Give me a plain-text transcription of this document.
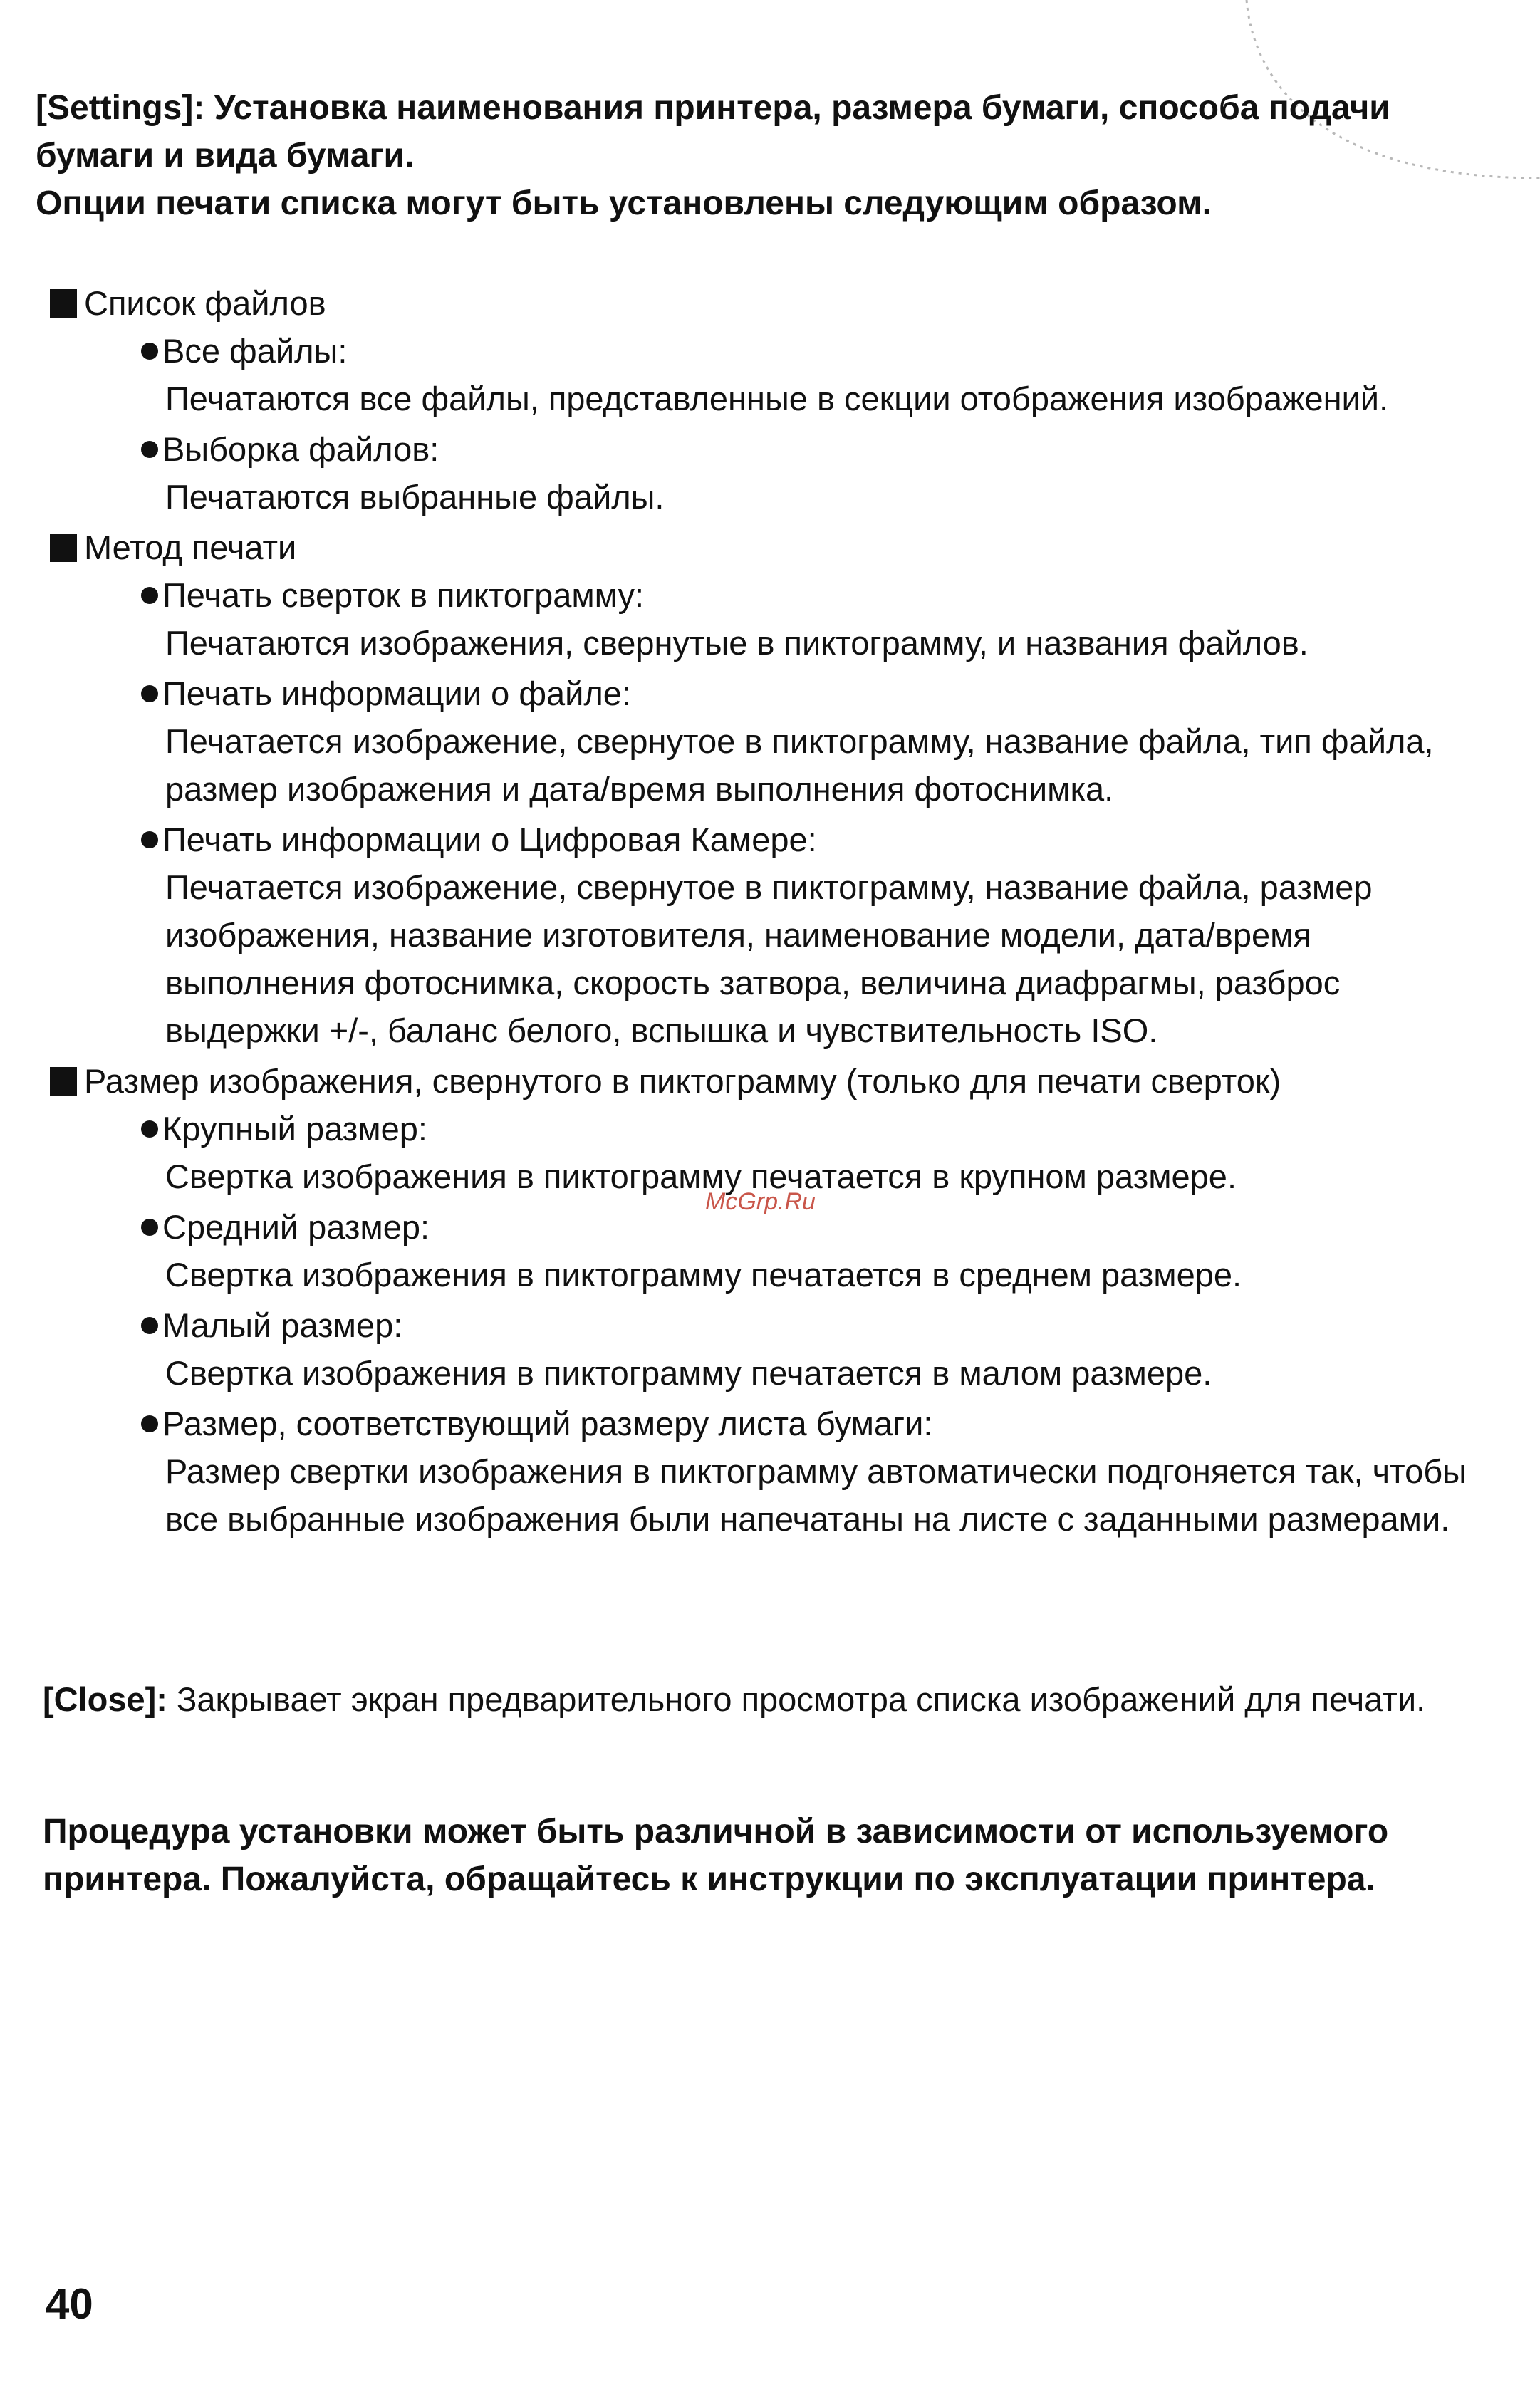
[Settings]: Установка наименования принтера, размера бумаги, способа подачи бумаги и вида бумаги.

Опции печати списка могут быть установлены следующим образом.

Список файлов
Все файлы:
Печатаются все файлы, представленные в секции отображения изображений.
Выборка файлов:
Печатаются выбранные файлы.
Метод печати
Печать сверток в пиктограмму:
Печатаются изображения, свернутые в пиктограмму, и названия файлов.
Печать информации о файле:
Печатается изображение, свернутое в пиктограмму, название файла, тип файла, размер изображения и дата/время выполнения фотоснимка.
Печать информации о Цифровая Камере:
Печатается изображение, свернутое в пиктограмму, название файла, размер изображения, название изготовителя, наименование модели, дата/время выполнения фотоснимка, скорость затвора, величина диафрагмы, разброс выдержки +/-, баланс белого, вспышка и чувствительность ISO.
Размер изображения, свернутого в пиктограмму (только для печати сверток)
Крупный размер:
Свертка изображения в пиктограмму печатается в крупном размере.
Средний размер:
Свертка изображения в пиктограмму печатается в среднем размере.
Малый размер:
Свертка изображения в пиктограмму печатается в малом размере.
Размер, соответствующий размеру листа бумаги:
Размер свертки изображения в пиктограмму автоматически подгоняется так, чтобы все выбранные изображения были напечатаны на листе с заданными размерами.
McGrp.Ru
[Close]: Закрывает экран предварительного просмотра списка изображений для печати.
Процедура установки может быть различной в зависимости от используемого принтера. Пожалуйста, обращайтесь к инструкции по эксплуатации принтера.
40
